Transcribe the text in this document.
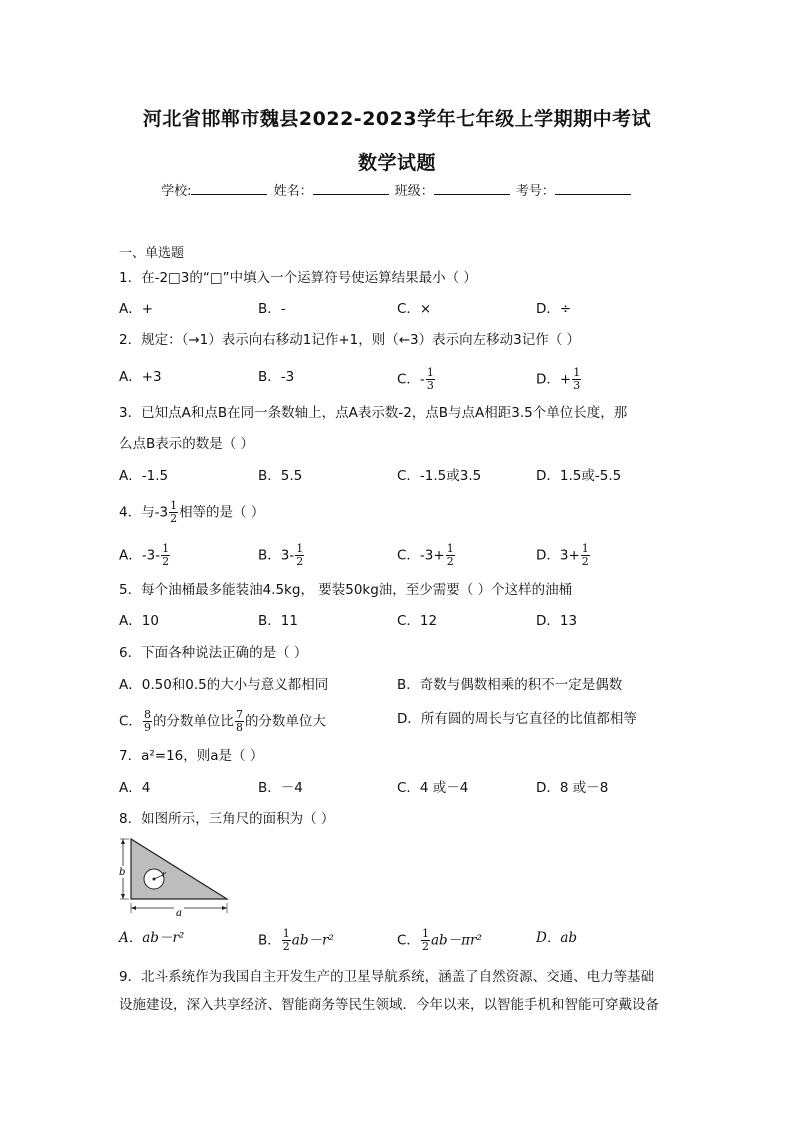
河北省邯郸市魏县2022-2023学年七年级上学期期中考试
数学试题
学校:	姓名：	班级：	考号：
一、单选题
1．在-2□3的“□”中填入一个运算符号使运算结果最小（ ）
A．+	B．-	C．×	D．÷
2．规定：（→1）表示向右移动1记作+1，则（←3）表示向左移动3记作（ ）
A．+3	B．-3	C．- $\frac{1}{3}$	D．+ $\frac{1}{3}$
3．已知点A和点B在同一条数轴上，点A表示数-2，点B与点A相距3.5个单位长度，那
么点B表示的数是（ ）
A．-1.5	B．5.5	C．-1.5或3.5	D．1.5或-5.5
4．与$-3 \frac{1}{2}$ 相等的是（ ）
A．$-3- \frac{1}{2}$	B．$3- \frac{1}{2}$	C．$-3+ \frac{1}{2}$	D．$3+ \frac{1}{2}$
5．每个油桶最多能装油4.5kg， 要装50kg油，至少需要（ ）个这样的油桶
A．10	B．11	C．12	D．13
6．下面各种说法正确的是（ ）
A．0.50和0.5的大小与意义都相同	B．奇数与偶数相乘的积不一定是偶数
C． $\frac{8}{9}$ 的分数单位比 $\frac{7}{8}$ 的分数单位大	D．所有圆的周长与它直径的比值都相等
7．a²=16，则a是（ ）
A．4	B．－4	C．4 或－4	D．8 或－8
8．如图所示，三角尺的面积为（ ）
r
b
a
A．ab－r²	B． $\frac{1}{2} ab-r^2$	C． $\frac{1}{2} ab-\pi r^2$	D．ab
9．北斗系统作为我国自主开发生产的卫星导航系统，涵盖了自然资源、交通、电力等基础
设施建设，深入共享经济、智能商务等民生领域．今年以来，以智能手机和智能可穿戴设备
